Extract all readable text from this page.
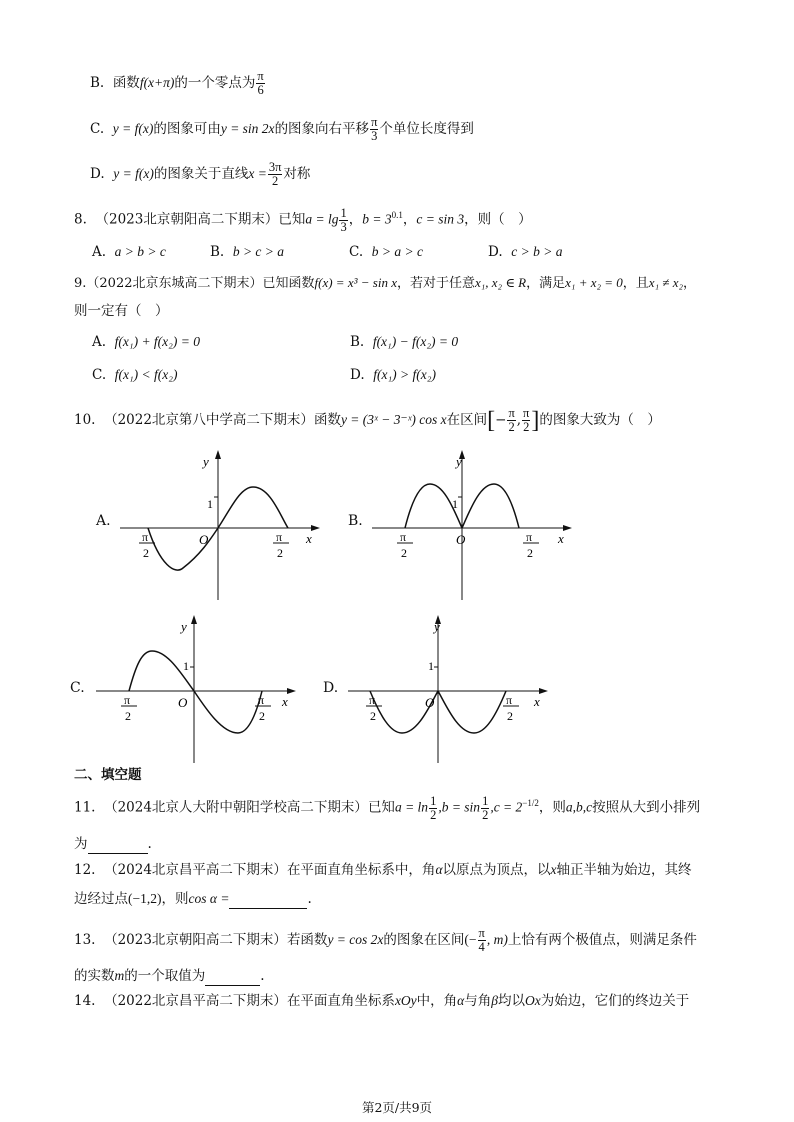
B. 函数f(x+π)的一个零点为 $\frac{\pi}{6}$
C. y = f(x)的图象可由y = sin 2x的图象向右平移 $\frac{\pi}{3}$ 个单位长度得到
D. y = f(x)的图象关于直线$x = \frac{3\pi}{2}$ 对称
8. （2023北京朝阳高二下期末）已知$a = \lg \frac{1}{3}$ ，$b = 3^{0.1}$，c = sin 3，则（　）
A. a > b > c	B. b > c > a	C. b > a > c	D. c > b > a
9.（2022北京东城高二下期末）已知函数f(x) = x³ − sin x，若对于任意x₁, x₂ ∈ R，满足x₁ + x₂ = 0，且x₁ ≠ x₂，
则一定有（　）
A. f(x₁) + f(x₂) = 0	B. f(x₁) − f(x₂) = 0
C. f(x₁) < f(x₂)	D. f(x₁) > f(x₂)
10. （2022北京第八中学高二下期末）函数y = (3ˣ − 3⁻ˣ) cos x在区间[− $\frac{\pi}{2}$ , $\frac{\pi}{2}$ ]的图象大致为（　）
A.	B.
C.	D.
y
x
O
1
π
2
π
2
y
x
O
1
π
2
π
2
y
x
O
1
π
2
π
2
y
x
O
1
π
2
π
2
二、填空题
11. （2024北京人大附中朝阳学校高二下期末）已知$a = \ln \frac{1}{2} ,b = \sin \frac{1}{2} ,c = 2^{-1/2}$，则a,b,c按照从大到小排列
为	.
12. （2024北京昌平高二下期末）在平面直角坐标系中，角α以原点为顶点，以x轴正半轴为始边，其终
边经过点(−1,2)，则cos α =	.
13. （2023北京朝阳高二下期末）若函数y = cos 2x的图象在区间(− $\frac{\pi}{4}$ , m)上恰有两个极值点，则满足条件
的实数m的一个取值为	.
14. （2022北京昌平高二下期末）在平面直角坐标系xOy中，角α与角β均以Ox为始边，它们的终边关于
第2页/共9页
